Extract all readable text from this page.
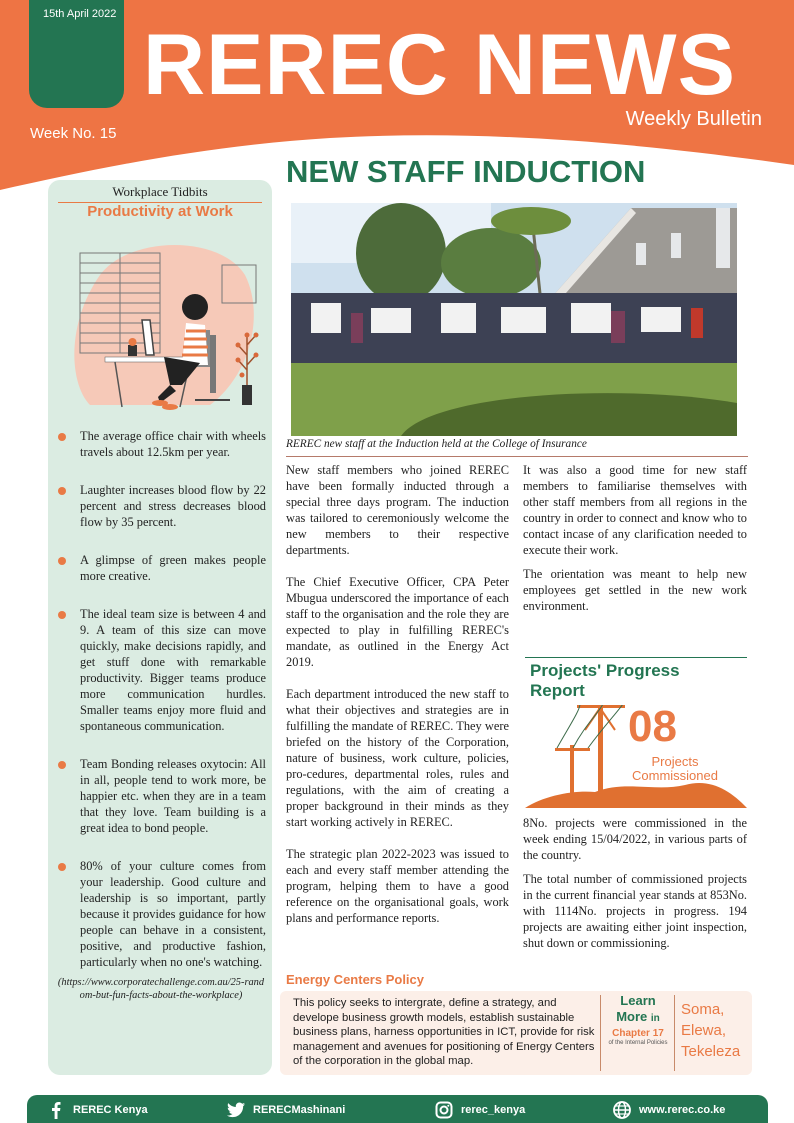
15th April 2022
REREC NEWS
Weekly Bulletin
Week No. 15
NEW STAFF INDUCTION
Workplace Tidbits
Productivity at Work
The average office chair with wheels travels about 12.5km per year.
Laughter increases blood flow by 22 percent and stress decreases blood flow by 35 percent.
A glimpse of green makes people more creative.
The ideal team size is between 4 and 9. A team of this size can move quickly, make decisions rapidly, and get stuff done with remarkable productivity. Bigger teams produce more communication hurdles. Smaller teams enjoy more fluid and spontaneous communication.
Team Bonding releases oxytocin: All in all, people tend to work more, be happier etc. when they are in a team that they love. Team building is a great idea to bond people.
80% of your culture comes from your leadership. Good culture and leadership is so important, partly because it provides guidance for how people can behave in a consistent, positive, and productive fashion, particularly when no one's watching.
(https://www.corporatechallenge.com.au/25-random-but-fun-facts-about-the-workplace)
REREC new staff at the Induction held at the College of Insurance

New staff members who joined REREC have been formally inducted through a special three days program. The induction was tailored to ceremoniously welcome the new members to their respective departments.

The Chief Executive Officer, CPA Peter Mbugua underscored the importance of each staff to the organisation and the role they are expected to play in fulfilling REREC's mandate, as outlined in the Energy Act 2019.

Each department introduced the new staff to what their objectives and strategies are in fulfilling the mandate of REREC. They were briefed on the history of the Corporation, nature of business, work culture, policies, pro-cedures, departmental roles, rules and regulations, with the aim of creating a proper background in their minds as they start working actively in REREC.

The strategic plan 2022-2023 was issued to each and every staff member attending the program, helping them to have a good reference on the organisational goals, work plans and performance reports.

It was also a good time for new staff members to familiarise themselves with other staff members from all regions in the country in order to connect and know who to contact incase of any clarification needed to execute their work.

The orientation was meant to help new employees get settled in the new work environment.

Projects' Progress
Report
08
Projects
Commissioned

8No. projects were commissioned in the week ending 15/04/2022, in various parts of the country.

The total number of commissioned projects in the current financial year stands at 853No. with 1114No. projects in progress. 194 projects are awaiting either joint inspection, shut down or commissioning.

Energy Centers Policy
This policy seeks to intergrate, define a strategy, and develope business growth models, establish sustainable business plans, harness opportunities in ICT, provide for risk management and avenues for positioning of Energy Centers of the corporation in the global map.
Learn
More in
Chapter 17
of the Internal Policies
Soma,
Elewa,
Tekeleza
REREC Kenya	RERECMashinani	rerec_kenya	www.rerec.co.ke
